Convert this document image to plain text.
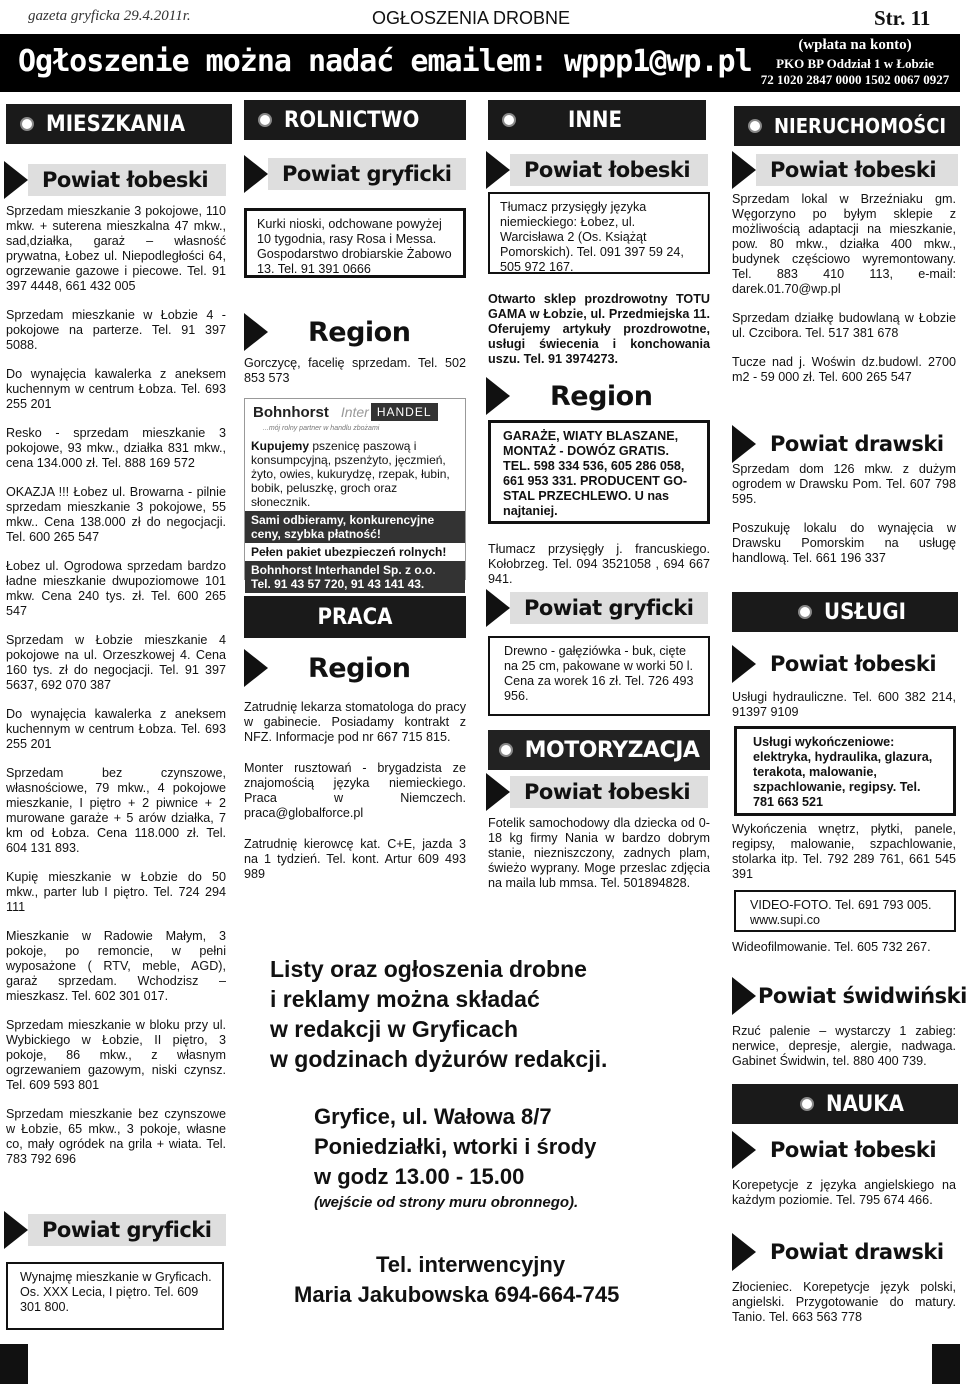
gazeta gryficka 29.4.2011r.	OGŁOSZENIA DROBNE	Str. 11
Ogłoszenie można nadać emailem: wppp1@wp.pl	(wpłata na konto)
PKO BP Oddział 1 w Łobzie
72 1020 2847 0000 1502 0067 0927
MIESZKANIA	ROLNICTWO	INNE	NIERUCHOMOŚCI
Powiat łobeski

Sprzedam mieszkanie 3 pokojowe, 110 mkw. + suterena mieszkalna 47 mkw., sad,działka, garaż – własność prywatna, Łobez ul. Niepodległości 64, ogrzewanie gazowe i piecowe. Tel. 91 397 4448, 661 432 005

Sprzedam mieszkanie w Łobzie 4 - pokojowe na parterze. Tel. 91 397 5088.

Do wynajęcia kawalerka z aneksem kuchennym w centrum Łobza. Tel. 693 255 201

Resko - sprzedam mieszkanie 3 pokojowe, 93 mkw., działka 831 mkw., cena 134.000 zł. Tel. 888 169 572

OKAZJA !!! Łobez ul. Browarna - pilnie sprzedam mieszkanie 3 pokojowe, 55 mkw.. Cena 138.000 zł do negocjacji. Tel. 600 265 547

Łobez ul. Ogrodowa sprzedam bardzo ładne mieszkanie dwupoziomowe 101 mkw. Cena 240 tys. zł. Tel. 600 265 547

Sprzedam w Łobzie mieszkanie 4 pokojowe na ul. Orzeszkowej 4. Cena 160 tys. zł do negocjacji. Tel. 91 397 5637, 692 070 387

Do wynajęcia kawalerka z aneksem kuchennym w centrum Łobza. Tel. 693 255 201

Sprzedam bez czynszowe, własnościowe, 79 mkw., 4 pokojowe mieszkanie, I piętro + 2 piwnice + 2 murowane garaże + 5 arów działka, 7 km od Łobza. Cena 118.000 zł. Tel. 604 131 893.

Kupię mieszkanie w Łobzie do 50 mkw., parter lub I piętro. Tel. 724 294 111

Mieszkanie w Radowie Małym, 3 pokoje, po remoncie, w pełni wyposażone ( RTV, meble, AGD), garaż sprzedam. Wchodzisz – mieszkasz. Tel. 602 301 017.

Sprzedam mieszkanie w bloku przy ul. Wybickiego w Łobzie, II piętro, 3 pokoje, 86 mkw., z własnym ogrzewaniem gazowym, niski czynsz. Tel. 609 593 801

Sprzedam mieszkanie bez czynszowe w Łobzie, 65 mkw., 3 pokoje, własne co, mały ogródek na grila + wiata. Tel. 783 792 696

Powiat gryficki
Wynajmę mieszkanie w Gryficach. Os. XXX Lecia, I piętro. Tel. 609 301 800.
Powiat gryficki
Kurki nioski, odchowane powyżej 10 tygodnia, rasy Rosa i Messa. Gospodarstwo drobiarskie Żabowo 13. Tel. 91 391 0666
Region

Gorczycę, facelię sprzedam. Tel. 502 853 573

Bohnhorst Inter HANDEL
...mój rolny partner w handlu zbożami
Kupujemy pszenicę paszową i konsumpcyjną, pszenżyto, jęczmień, żyto, owies, kukurydzę, rzepak, łubin, bobik, peluszkę, groch oraz słonecznik.
Sami odbieramy, konkurencyjne ceny, szybka płatność!
Pełen pakiet ubezpieczeń rolnych!
Bohnhorst Interhandel Sp. z o.o.
Tel. 91 43 57 720, 91 43 141 43.
PRACA
Region

Zatrudnię lekarza stomatologa do pracy w gabinecie. Posiadamy kontrakt z NFZ. Informacje pod nr 667 715 815.

Monter rusztowań - brygadzista ze znajomością języka niemieckiego. Praca w Niemczech. praca@globalforce.pl

Zatrudnię kierowcę kat. C+E, jazda 3 na 1 tydzień. Tel. kont. Artur 609 493 989

Powiat łobeski
Tłumacz przysięgły języka niemieckiego: Łobez, ul. Warcisława 2 (Os. Książąt Pomorskich). Tel. 091 397 59 24, 505 972 167.

Otwarto sklep prozdrowotny TOTU GAMA w Łobzie, ul. Przedmiejska 11. Oferujemy artykuły prozdrowotne, usługi świecenia i konchowania uszu. Tel. 91 3974273.

Region
GARAŻE, WIATY BLASZANE, MONTAŻ - DOWÓZ GRATIS. TEL. 598 334 536, 605 286 058, 661 953 331. PRODUCENT GO-STAL PRZECHLEWO. U nas najtaniej.

Tłumacz przysięgły j. francuskiego. Kołobrzeg. Tel. 094 3521058 , 694 667 941.

Powiat gryficki
Drewno - gałęziówka - buk, cięte na 25 cm, pakowane w worki 50 l. Cena za worek 16 zł. Tel. 726 493 956.
MOTORYZACJA
Powiat łobeski

Fotelik samochodowy dla dziecka od 0-18 kg firmy Nania w bardzo dobrym stanie, niezniszczony, zadnych plam, świeżo wyprany. Moge przeslac zdjęcia na maila lub mmsa. Tel. 501894828.

Powiat łobeski

Sprzedam lokal w Brzeźniaku gm. Węgorzyno po byłym sklepie z możliwością adaptacji na mieszkanie, pow. 80 mkw., działka 400 mkw., budynek częściowo wyremontowany. Tel. 883 410 113, e-mail: darek.01.70@wp.pl

Sprzedam działkę budowlaną w Łobzie ul. Czcibora. Tel. 517 381 678

Tucze nad j. Woświn dz.budowl. 2700 m2 - 59 000 zł. Tel. 600 265 547

Powiat drawski

Sprzedam dom 126 mkw. z dużym ogrodem w Drawsku Pom. Tel. 607 798 595.

Poszukuję lokalu do wynajęcia w Drawsku Pomorskim na usługę handlową. Tel. 661 196 337

USŁUGI
Powiat łobeski

Usługi hydrauliczne. Tel. 600 382 214, 91397 9109

Usługi wykończeniowe: elektryka, hydraulika, glazura, terakota, malowanie, szpachlowanie, regipsy. Tel. 781 663 521

Wykończenia wnętrz, płytki, panele, regipsy, malowanie, szpachlowanie, stolarka itp. Tel. 792 289 761, 661 545 391

VIDEO-FOTO. Tel. 691 793 005. www.supi.co

Wideofilmowanie. Tel. 605 732 267.

Powiat świdwiński

Rzuć palenie – wystarczy 1 zabieg: nerwice, depresje, alergie, nadwaga. Gabinet Świdwin, tel. 880 400 739.

NAUKA
Powiat łobeski

Korepetycje z języka angielskiego na każdym poziomie. Tel. 795 674 466.

Powiat drawski

Złocieniec. Korepetycje język polski, angielski. Przygotowanie do matury. Tanio. Tel. 663 563 778

Listy oraz ogłoszenia drobne
i reklamy można składać
w redakcji w Gryficach
w godzinach dyżurów redakcji.
Gryfice, ul. Wałowa 8/7
Poniedziałki, wtorki i środy
w godz 13.00 - 15.00
(wejście od strony muru obronnego).
Tel. interwencyjny
Maria Jakubowska 694-664-745
